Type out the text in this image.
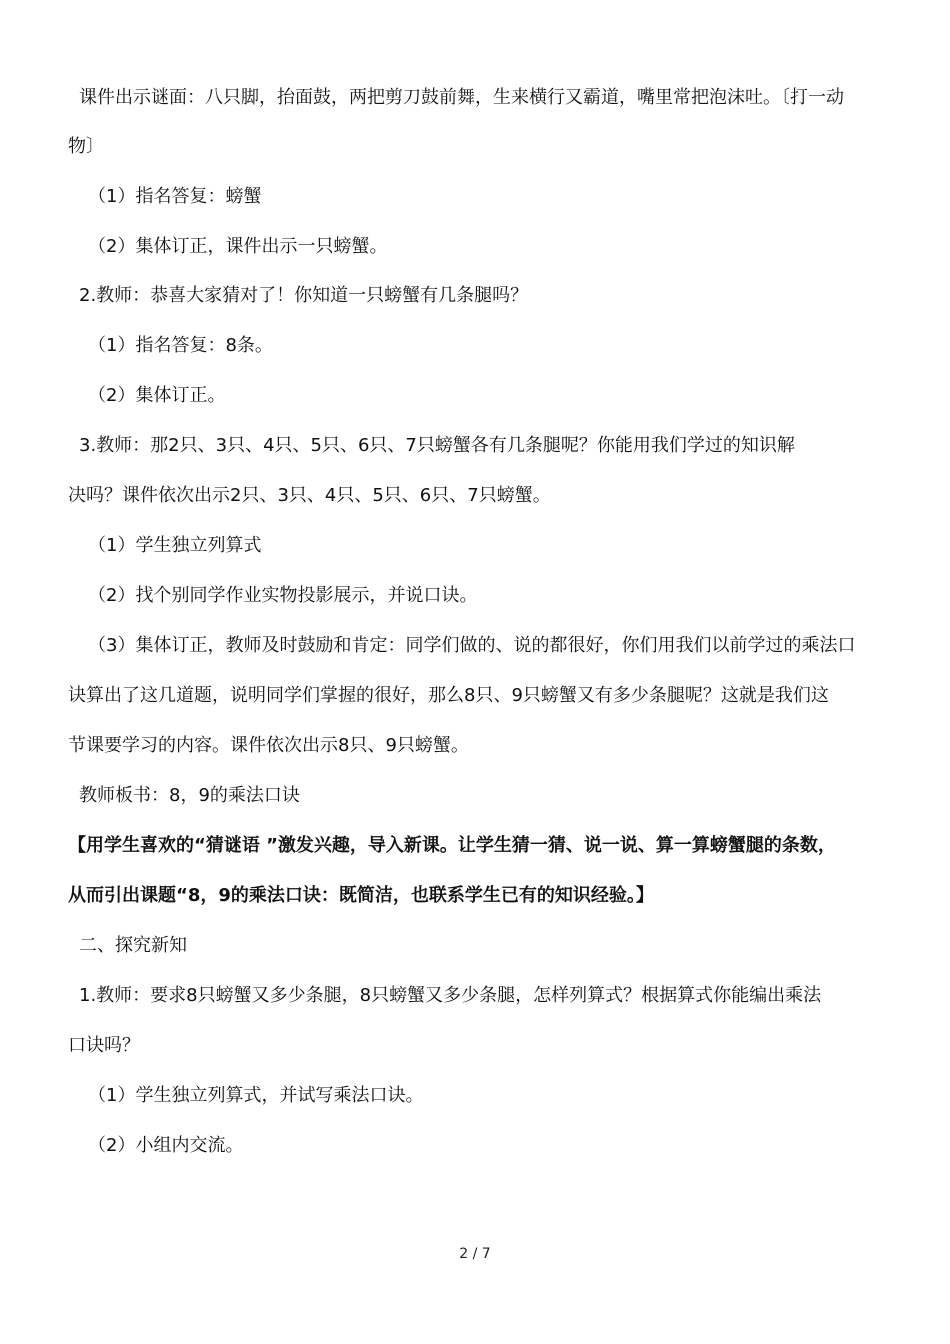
课件出示谜面：八只脚，抬面鼓，两把剪刀鼓前舞，生来横行又霸道，嘴里常把泡沫吐。〔打一动
物〕
（1）指名答复：螃蟹
（2）集体订正，课件出示一只螃蟹。
2.教师：恭喜大家猜对了！你知道一只螃蟹有几条腿吗？
（1）指名答复：8条。
（2）集体订正。
3.教师：那2只、3只、4只、5只、6只、7只螃蟹各有几条腿呢？你能用我们学过的知识解
决吗？课件依次出示2只、3只、4只、5只、6只、7只螃蟹。
（1）学生独立列算式
（2）找个别同学作业实物投影展示，并说口诀。
（3）集体订正，教师及时鼓励和肯定：同学们做的、说的都很好，你们用我们以前学过的乘法口
诀算出了这几道题，说明同学们掌握的很好，那么8只、9只螃蟹又有多少条腿呢？这就是我们这
节课要学习的内容。课件依次出示8只、9只螃蟹。
教师板书：8，9的乘法口诀
【用学生喜欢的“猜谜语 ”激发兴趣，导入新课。让学生猜一猜、说一说、算一算螃蟹腿的条数，
从而引出课题“8，9的乘法口诀：既简洁，也联系学生已有的知识经验。】
二、探究新知
1.教师：要求8只螃蟹又多少条腿，8只螃蟹又多少条腿，怎样列算式？根据算式你能编出乘法
口诀吗？
（1）学生独立列算式，并试写乘法口诀。
（2）小组内交流。
2 / 7
